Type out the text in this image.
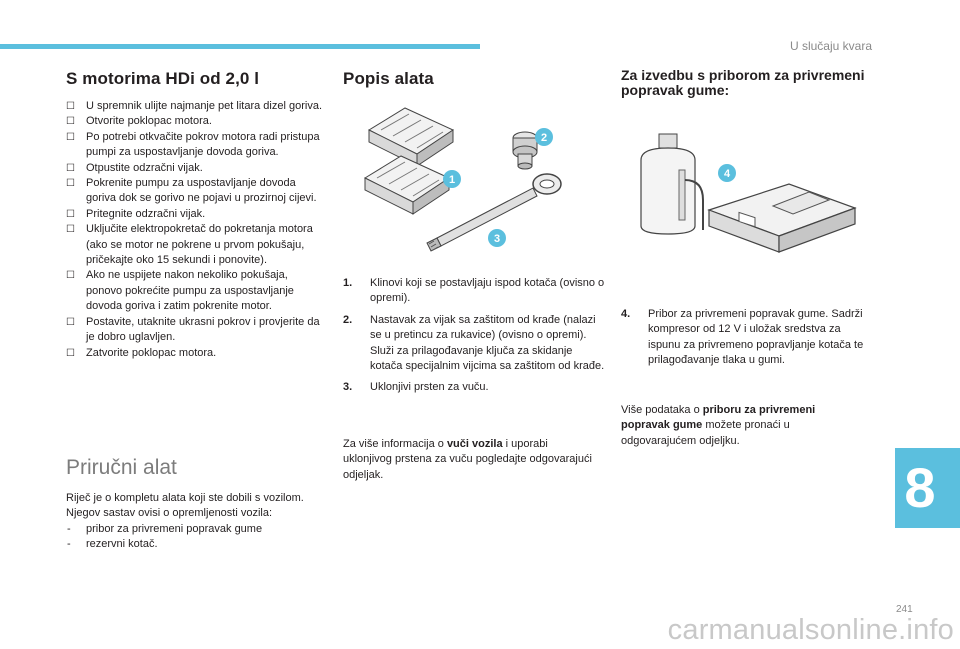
U slučaju kvara
S motorima HDi od 2,0 l
☐ U spremnik ulijte najmanje pet litara dizel goriva.
☐ Otvorite poklopac motora.
☐ Po potrebi otkvačite pokrov motora radi pristupa pumpi za uspostavljanje dovoda goriva.
☐ Otpustite odzračni vijak.
☐ Pokrenite pumpu za uspostavljanje dovoda goriva dok se gorivo ne pojavi u prozirnoj cijevi.
☐ Pritegnite odzračni vijak.
☐ Uključite elektropokretač do pokretanja motora (ako se motor ne pokrene u prvom pokušaju, pričekajte oko 15 sekundi i ponovite).
☐ Ako ne uspijete nakon nekoliko pokušaja, ponovo pokrećite pumpu za uspostavljanje dovoda goriva i zatim pokrenite motor.
☐ Postavite, utaknite ukrasni pokrov i provjerite da je dobro uglavljen.
☐ Zatvorite poklopac motora.
Priručni alat

Riječ je o kompletu alata koji ste dobili s vozilom.

Njegov sastav ovisi o opremljenosti vozila:

- pribor za privremeni popravak gume
- rezervni kotač.
Popis alata
2
1
3
1. Klinovi koji se postavljaju ispod kotača (ovisno o opremi).
2. Nastavak za vijak sa zaštitom od krađe (nalazi se u pretincu za rukavice) (ovisno o opremi).
Služi za prilagođavanje ključa za skidanje kotača specijalnim vijcima sa zaštitom od krađe.
3. Uklonjivi prsten za vuču.

Za više informacija o vuči vozila i uporabi uklonjivog prstena za vuču pogledajte odgovarajući odjeljak.

Za izvedbu s priborom za privremeni popravak gume:
4
4. Pribor za privremeni popravak gume. Sadrži kompresor od 12 V i uložak sredstva za ispunu za privremeno popravljanje kotača te prilagođavanje tlaka u gumi.

Više podataka o priboru za privremeni popravak gume možete pronaći u odgovarajućem odjeljku.

8
241
carmanualsonline.info
